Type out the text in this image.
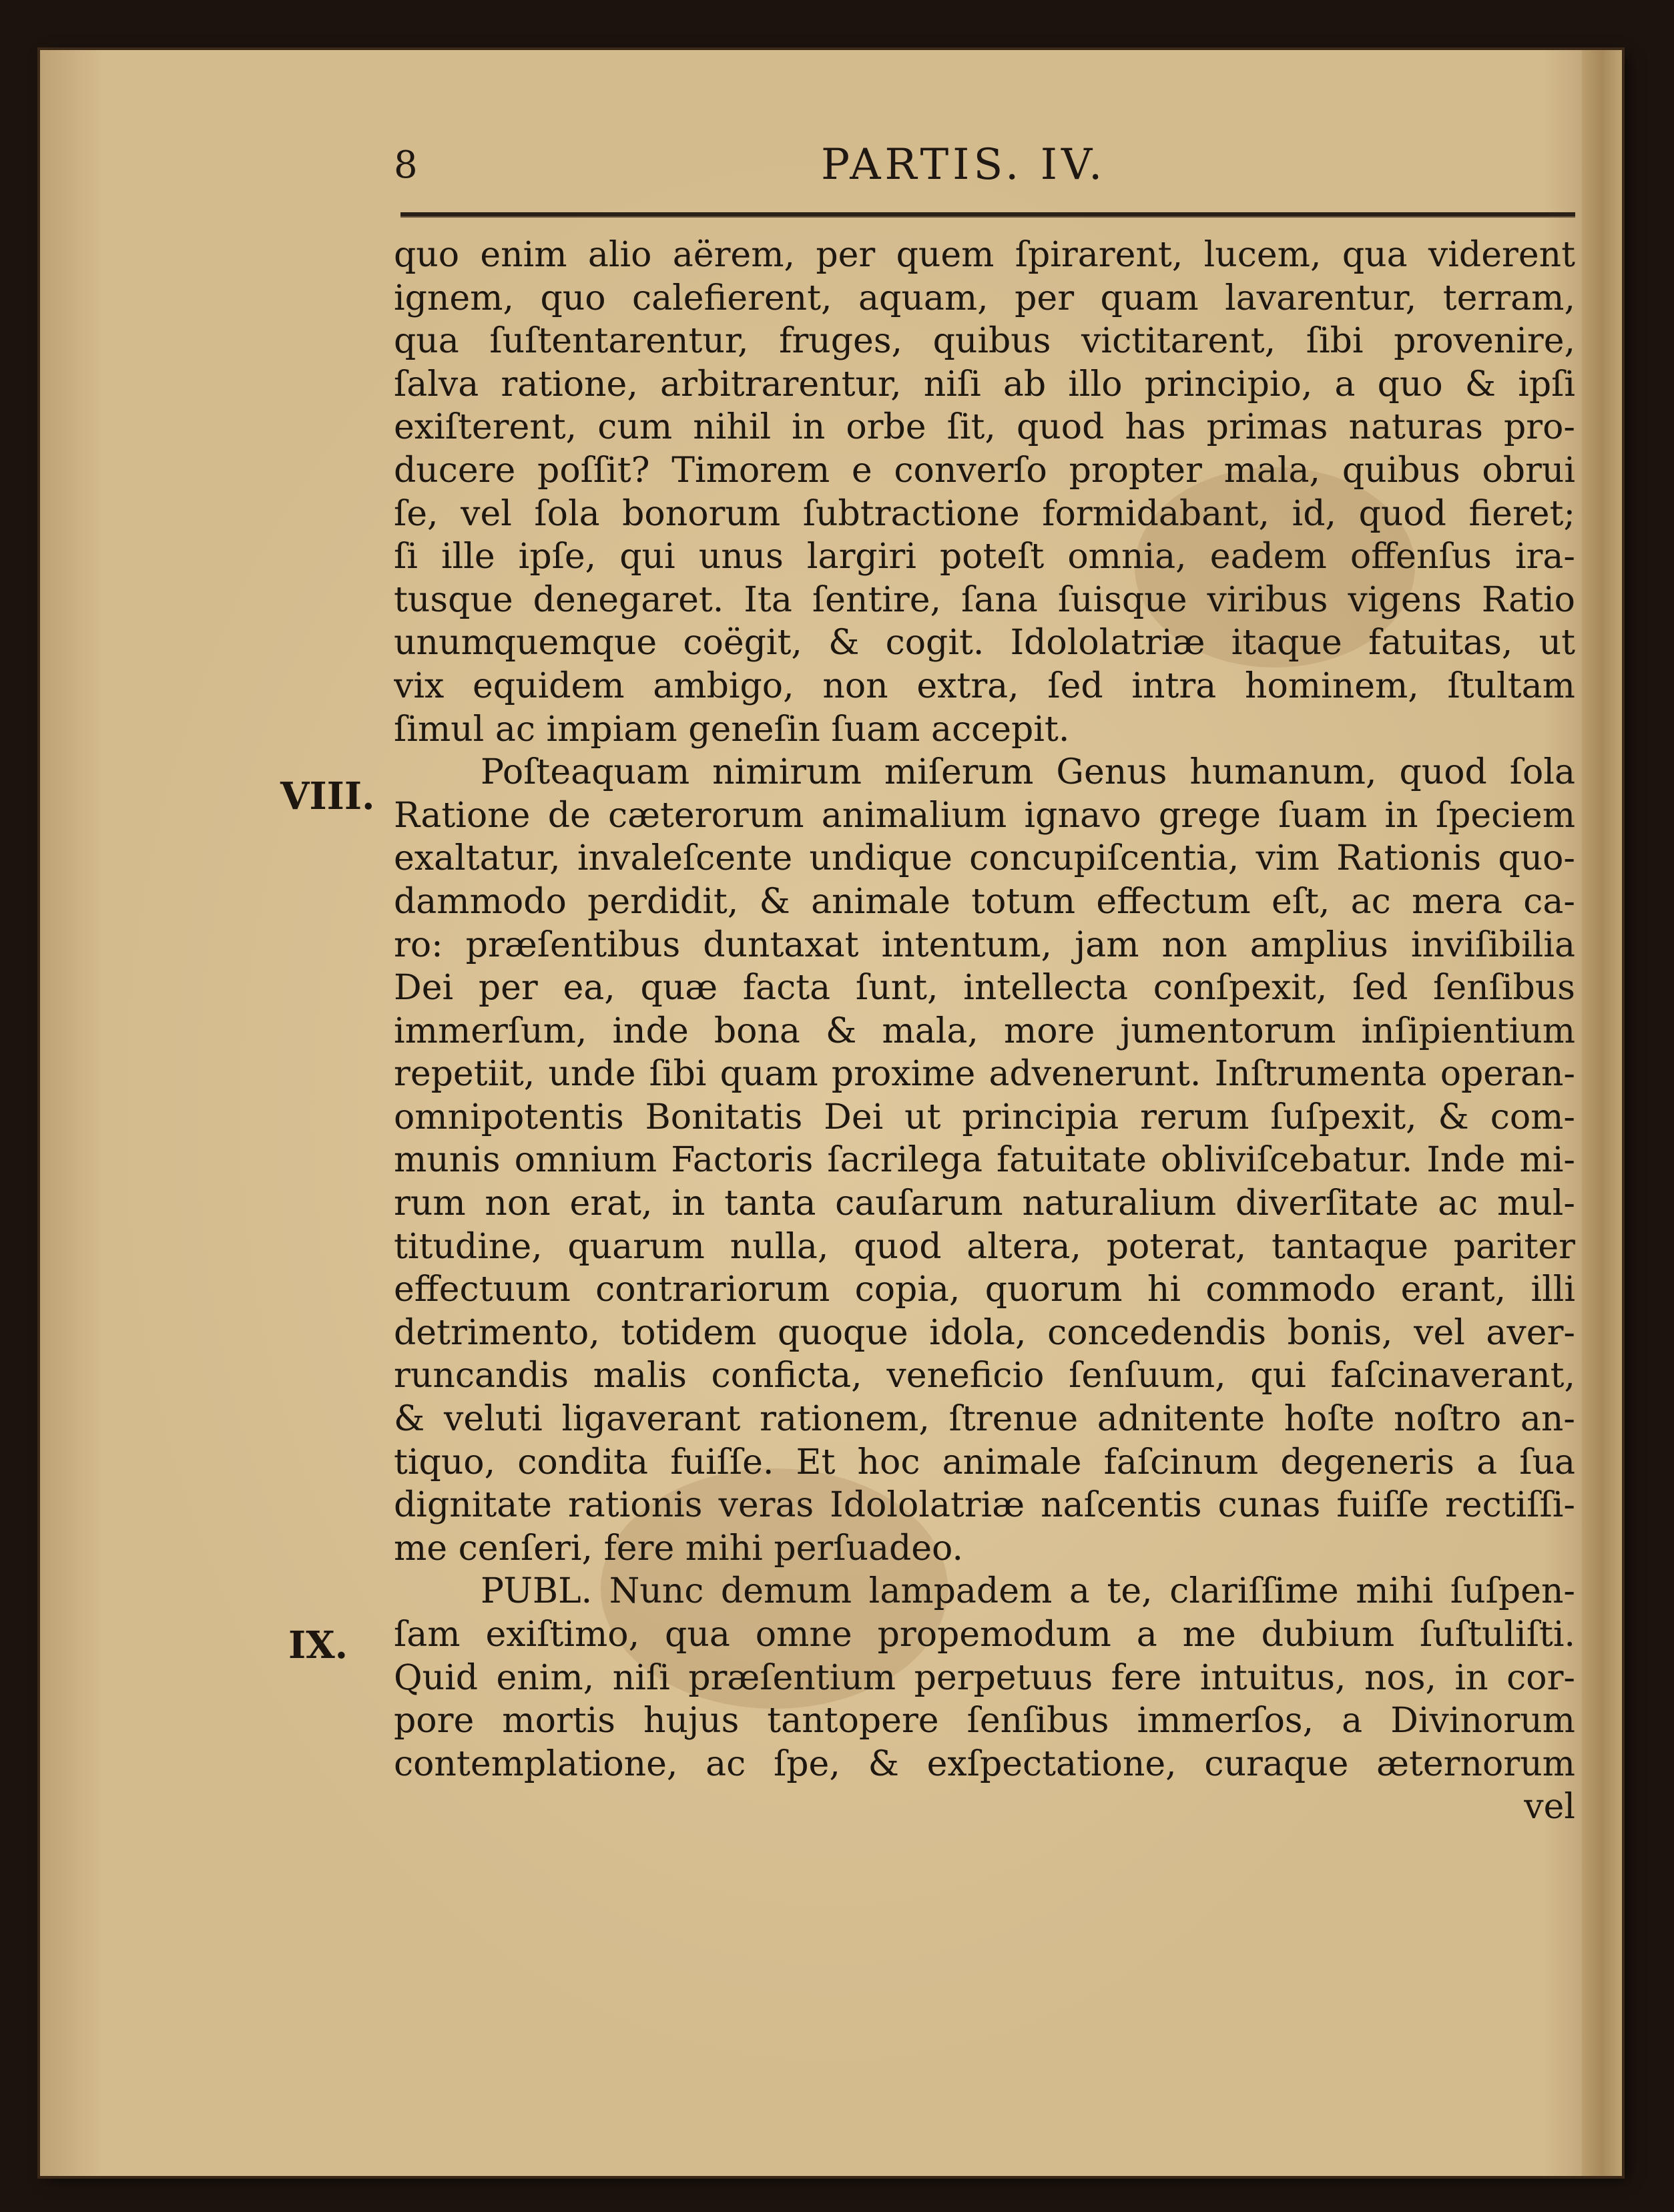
8	PARTIS. IV.
VIII.
IX.
quo enim alio aërem, per quem ſpirarent, lucem, qua viderent
ignem, quo calefierent, aquam, per quam lavarentur, terram,
qua ſuſtentarentur, fruges, quibus victitarent, ſibi provenire,
ſalva ratione, arbitrarentur, niſi ab illo principio, a quo & ipſi
exiſterent, cum nihil in orbe ſit, quod has primas naturas pro-
ducere poſſit? Timorem e converſo propter mala, quibus obrui
ſe, vel ſola bonorum ſubtractione formidabant, id, quod fieret;
ſi ille ipſe, qui unus largiri poteſt omnia, eadem offenſus ira-
tusque denegaret. Ita ſentire, ſana ſuisque viribus vigens Ratio
unumquemque coëgit, & cogit. Idololatriæ itaque fatuitas, ut
vix equidem ambigo, non extra, ſed intra hominem, ſtultam
ſimul ac impiam geneſin ſuam accepit.
Poſteaquam nimirum miſerum Genus humanum, quod ſola
Ratione de cæterorum animalium ignavo grege ſuam in ſpeciem
exaltatur, invaleſcente undique concupiſcentia, vim Rationis quo-
dammodo perdidit, & animale totum effectum eſt, ac mera ca-
ro: præſentibus duntaxat intentum, jam non amplius inviſibilia
Dei per ea, quæ facta ſunt, intellecta conſpexit, ſed ſenſibus
immerſum, inde bona & mala, more jumentorum inſipientium
repetiit, unde ſibi quam proxime advenerunt. Inſtrumenta operan-
omnipotentis Bonitatis Dei ut principia rerum ſuſpexit, & com-
munis omnium Factoris ſacrilega fatuitate obliviſcebatur. Inde mi-
rum non erat, in tanta cauſarum naturalium diverſitate ac mul-
titudine, quarum nulla, quod altera, poterat, tantaque pariter
effectuum contrariorum copia, quorum hi commodo erant, illi
detrimento, totidem quoque idola, concedendis bonis, vel aver-
runcandis malis conficta, veneficio ſenſuum, qui faſcinaverant,
& veluti ligaverant rationem, ſtrenue adnitente hoſte noſtro an-
tiquo, condita fuiſſe. Et hoc animale faſcinum degeneris a ſua
dignitate rationis veras Idololatriæ naſcentis cunas fuiſſe rectiſſi-
me cenſeri, fere mihi perſuadeo.
PUBL. Nunc demum lampadem a te, clariſſime mihi ſuſpen-
ſam exiſtimo, qua omne propemodum a me dubium ſuſtuliſti.
Quid enim, niſi præſentium perpetuus fere intuitus, nos, in cor-
pore mortis hujus tantopere ſenſibus immerſos, a Divinorum
contemplatione, ac ſpe, & exſpectatione, curaque æternorum
vel
